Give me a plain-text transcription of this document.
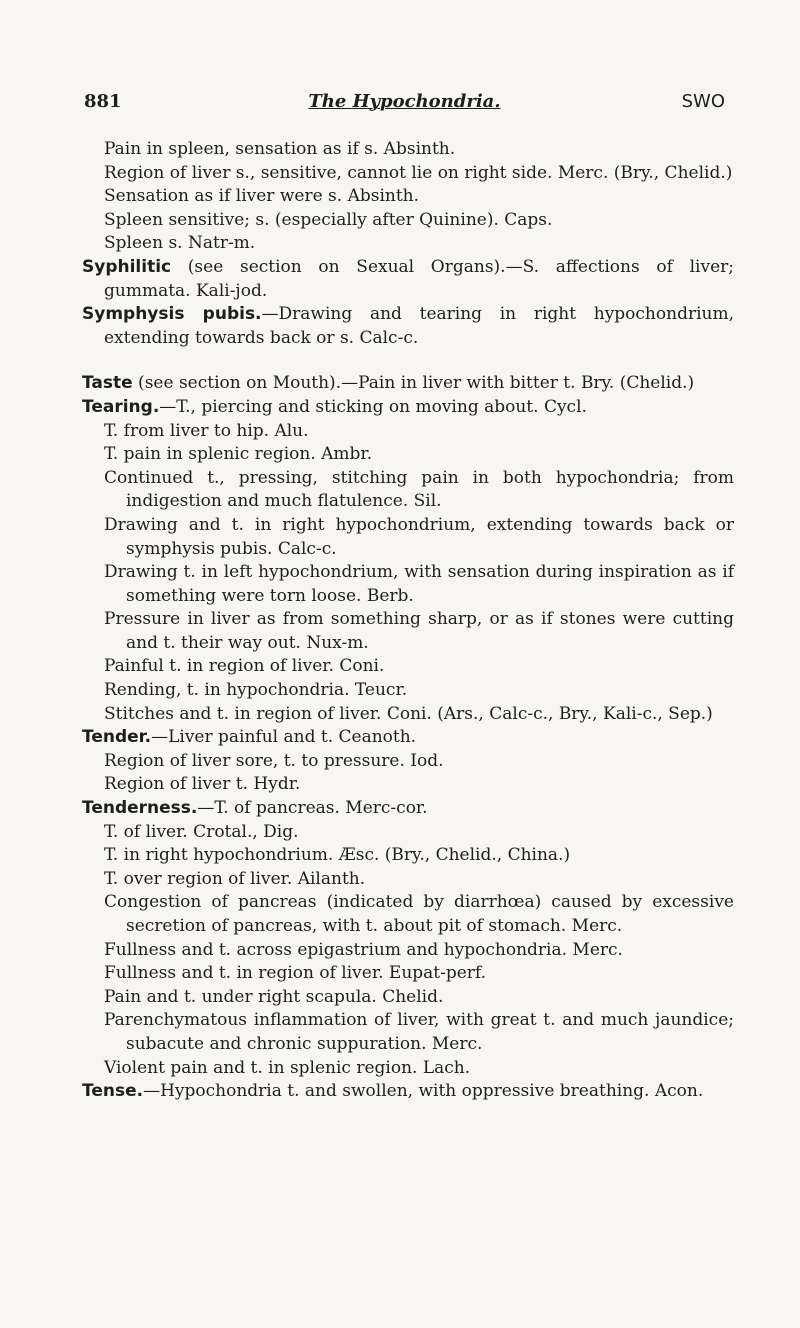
881	The Hypochondria.	SWO
Pain in spleen, sensation as if s. Absinth.
Region of liver s., sensitive, cannot lie on right side. Merc. (Bry., Chelid.)
Sensation as if liver were s. Absinth.
Spleen sensitive; s. (especially after Quinine). Caps.
Spleen s. Natr-m.
Syphilitic (see section on Sexual Organs).—S. affections of liver; gummata. Kali-jod.
Symphysis pubis.—Drawing and tearing in right hypochondrium, extending towards back or s. Calc-c.
Taste (see section on Mouth).—Pain in liver with bitter t. Bry. (Chelid.)
Tearing.—T., piercing and sticking on moving about. Cycl.
T. from liver to hip. Alu.
T. pain in splenic region. Ambr.
Continued t., pressing, stitching pain in both hypochondria; from indigestion and much flatulence. Sil.
Drawing and t. in right hypochondrium, extending towards back or symphysis pubis. Calc-c.
Drawing t. in left hypochondrium, with sensation during inspiration as if something were torn loose. Berb.
Pressure in liver as from something sharp, or as if stones were cutting and t. their way out. Nux-m.
Painful t. in region of liver. Coni.
Rending, t. in hypochondria. Teucr.
Stitches and t. in region of liver. Coni. (Ars., Calc-c., Bry., Kali-c., Sep.)
Tender.—Liver painful and t. Ceanoth.
Region of liver sore, t. to pressure. Iod.
Region of liver t. Hydr.
Tenderness.—T. of pancreas. Merc-cor.
T. of liver. Crotal., Dig.
T. in right hypochondrium. Æsc. (Bry., Chelid., China.)
T. over region of liver. Ailanth.
Congestion of pancreas (indicated by diarrhœa) caused by excessive secretion of pancreas, with t. about pit of stomach. Merc.
Fullness and t. across epigastrium and hypochondria. Merc.
Fullness and t. in region of liver. Eupat-perf.
Pain and t. under right scapula. Chelid.
Parenchymatous inflammation of liver, with great t. and much jaundice; subacute and chronic suppuration. Merc.
Violent pain and t. in splenic region. Lach.
Tense.—Hypochondria t. and swollen, with oppressive breathing. Acon.
